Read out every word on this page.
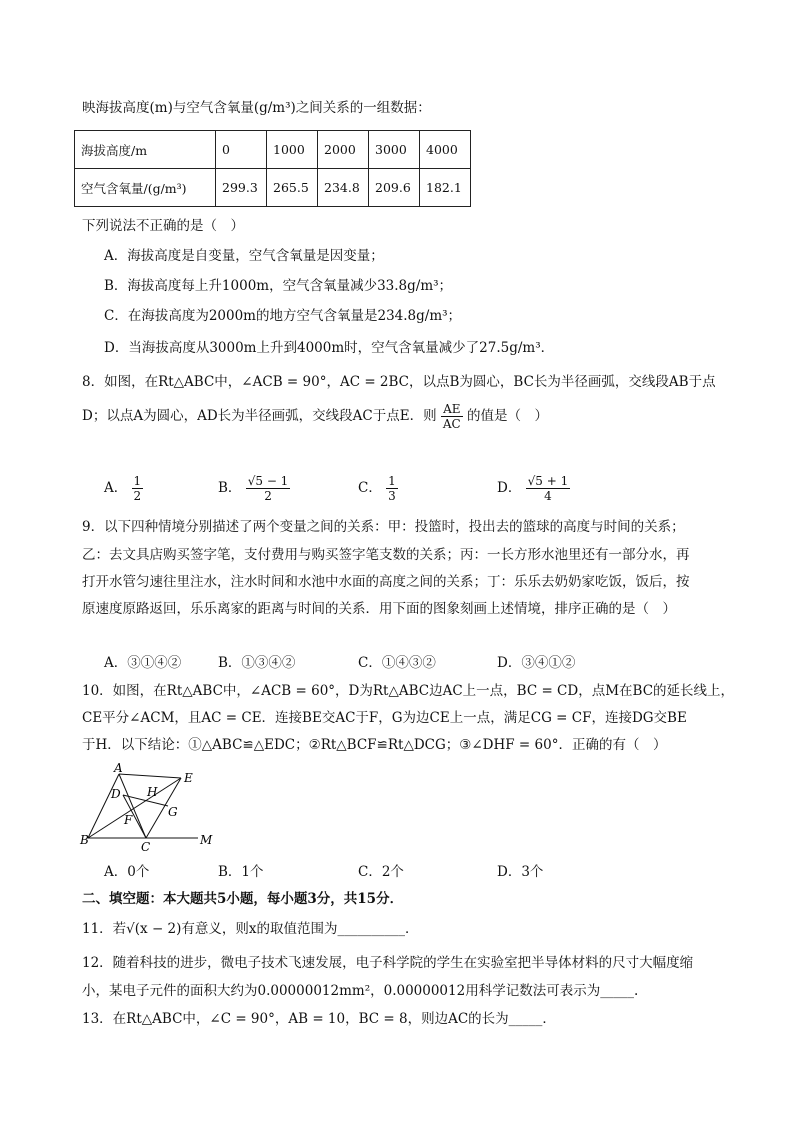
映海拔高度(m)与空气含氧量(g/m³)之间关系的一组数据：
海拔高度/m	0	1000	2000	3000	4000
空气含氧量/(g/m³)	299.3	265.5	234.8	209.6	182.1
下列说法不正确的是（　）
A．海拔高度是自变量，空气含氧量是因变量；
B．海拔高度每上升1000m，空气含氧量减少33.8g/m³；
C．在海拔高度为2000m的地方空气含氧量是234.8g/m³；
D．当海拔高度从3000m上升到4000m时，空气含氧量减少了27.5g/m³．
8．如图，在Rt△ABC中，∠ACB = 90°，AC = 2BC，以点B为圆心，BC长为半径画弧，交线段AB于点
D；以点A为圆心，AD长为半径画弧，交线段AC于点E．则 $\frac{AE}{AC}$ 的值是（　）
A． $\frac{1}{2}$	B． $\frac{√5 - 1}{2}$	C． $\frac{1}{3}$	D． $\frac{√5 + 1}{4}$
9．以下四种情境分别描述了两个变量之间的关系：甲：投篮时，投出去的篮球的高度与时间的关系；
乙：去文具店购买签字笔，支付费用与购买签字笔支数的关系；丙：一长方形水池里还有一部分水，再
打开水管匀速往里注水，注水时间和水池中水面的高度之间的关系；丁：乐乐去奶奶家吃饭，饭后，按
原速度原路返回，乐乐离家的距离与时间的关系．用下面的图象刻画上述情境，排序正确的是（　）
A．③①④②	B．①③④②	C．①④③②	D．③④①②
10．如图，在Rt△ABC中，∠ACB = 60°，D为Rt△ABC边AC上一点，BC = CD，点M在BC的延长线上，
CE平分∠ACM，且AC = CE．连接BE交AC于F，G为边CE上一点，满足CG = CF，连接DG交BE
于H．以下结论：①△ABC≌△EDC；②Rt△BCF≌Rt△DCG；③∠DHF = 60°．正确的有（　）
A
E
D H
G
F
B	C	M
A．0个	B．1个	C．2个	D．3个
二、填空题：本大题共5小题，每小题3分，共15分．
11．若√(x − 2)有意义，则x的取值范围为__________．
12．随着科技的进步，微电子技术飞速发展，电子科学院的学生在实验室把半导体材料的尺寸大幅度缩
小，某电子元件的面积大约为0.00000012mm²，0.00000012用科学记数法可表示为_____.
13．在Rt△ABC中，∠C = 90°，AB = 10，BC = 8，则边AC的长为_____．
